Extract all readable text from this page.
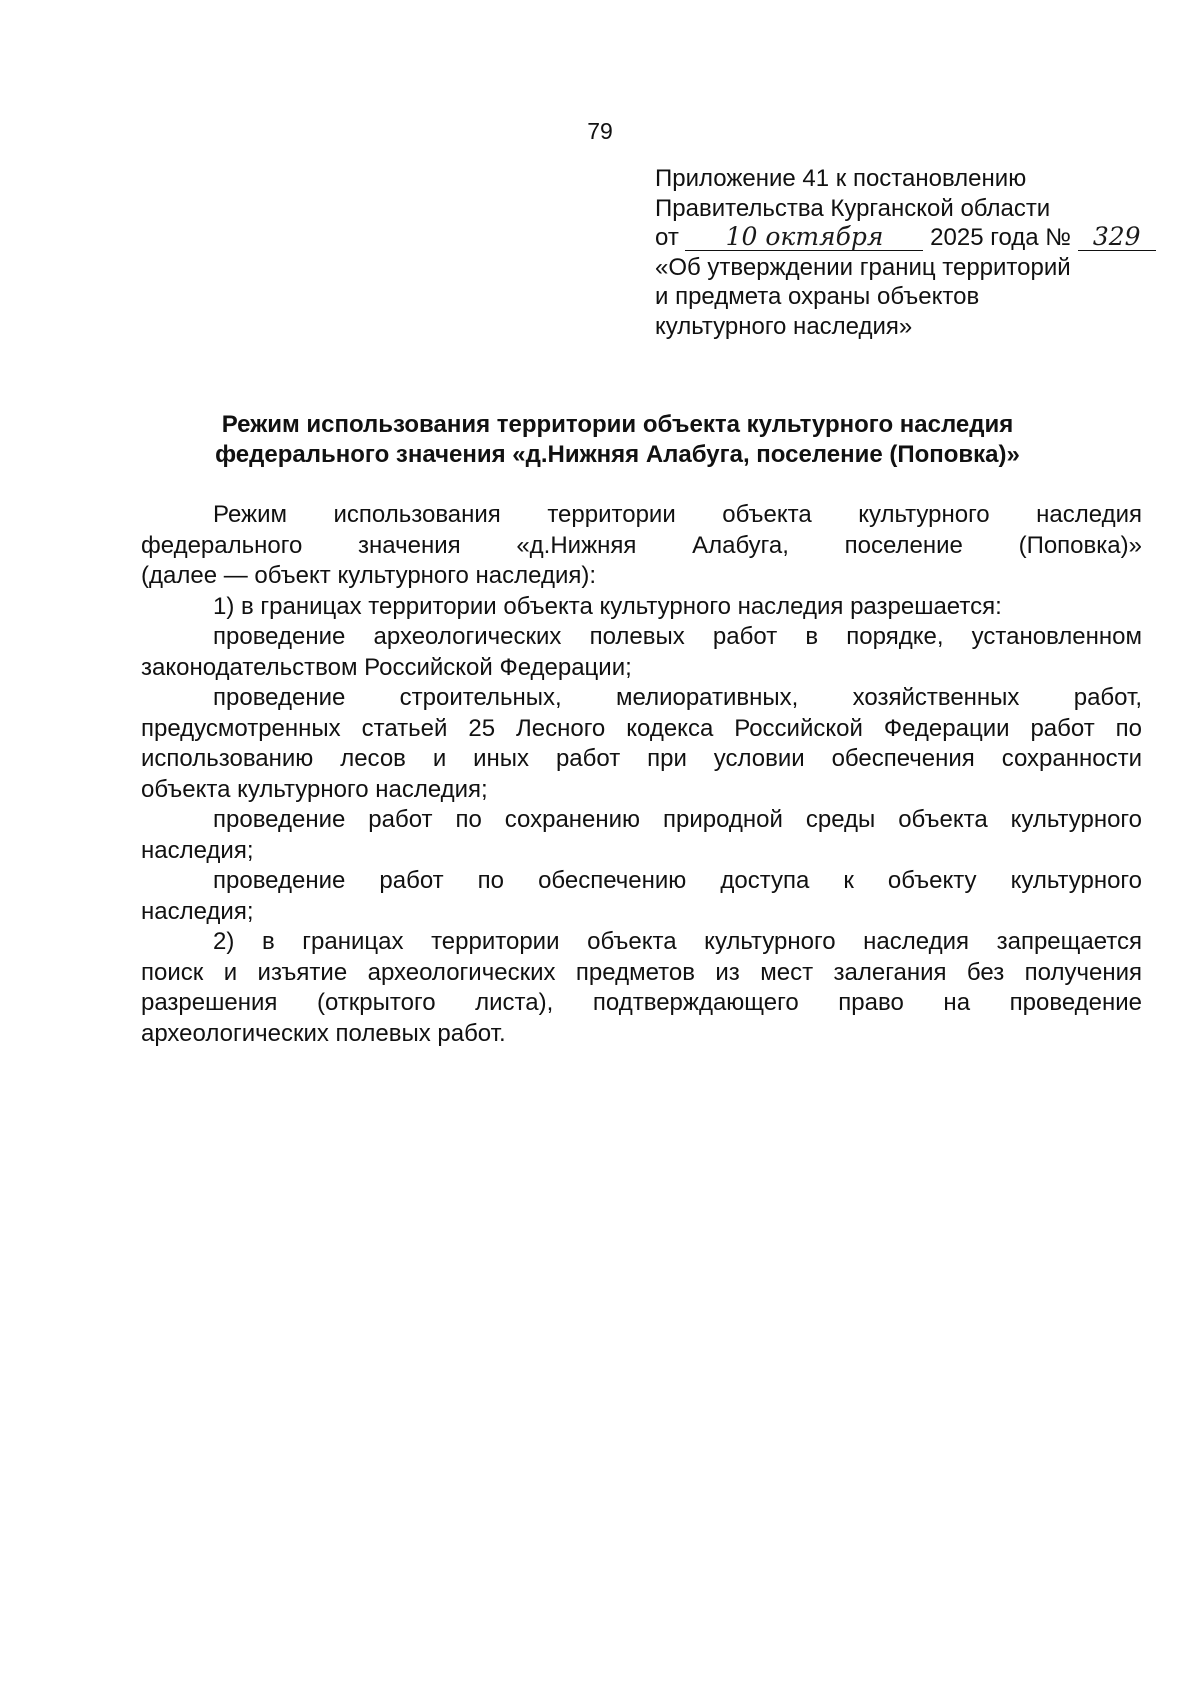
79
Приложение 41 к постановлению
Правительства Курганской области
от 10 октября 2025 года № 329
«Об утверждении границ территорий
и предмета охраны объектов
культурного наследия»
Режим использования территории объекта культурного наследия
федерального значения «д.Нижняя Алабуга, поселение (Поповка)»
Режим использования территории объекта культурного наследия
федерального значения «д.Нижняя Алабуга, поселение (Поповка)»
(далее — объект культурного наследия):
1) в границах территории объекта культурного наследия разрешается:
проведение археологических полевых работ в порядке, установленном
законодательством Российской Федерации;
проведение строительных, мелиоративных, хозяйственных работ,
предусмотренных статьей 25 Лесного кодекса Российской Федерации работ по
использованию лесов и иных работ при условии обеспечения сохранности
объекта культурного наследия;
проведение работ по сохранению природной среды объекта культурного
наследия;
проведение работ по обеспечению доступа к объекту культурного
наследия;
2) в границах территории объекта культурного наследия запрещается
поиск и изъятие археологических предметов из мест залегания без получения
разрешения (открытого листа), подтверждающего право на проведение
археологических полевых работ.
